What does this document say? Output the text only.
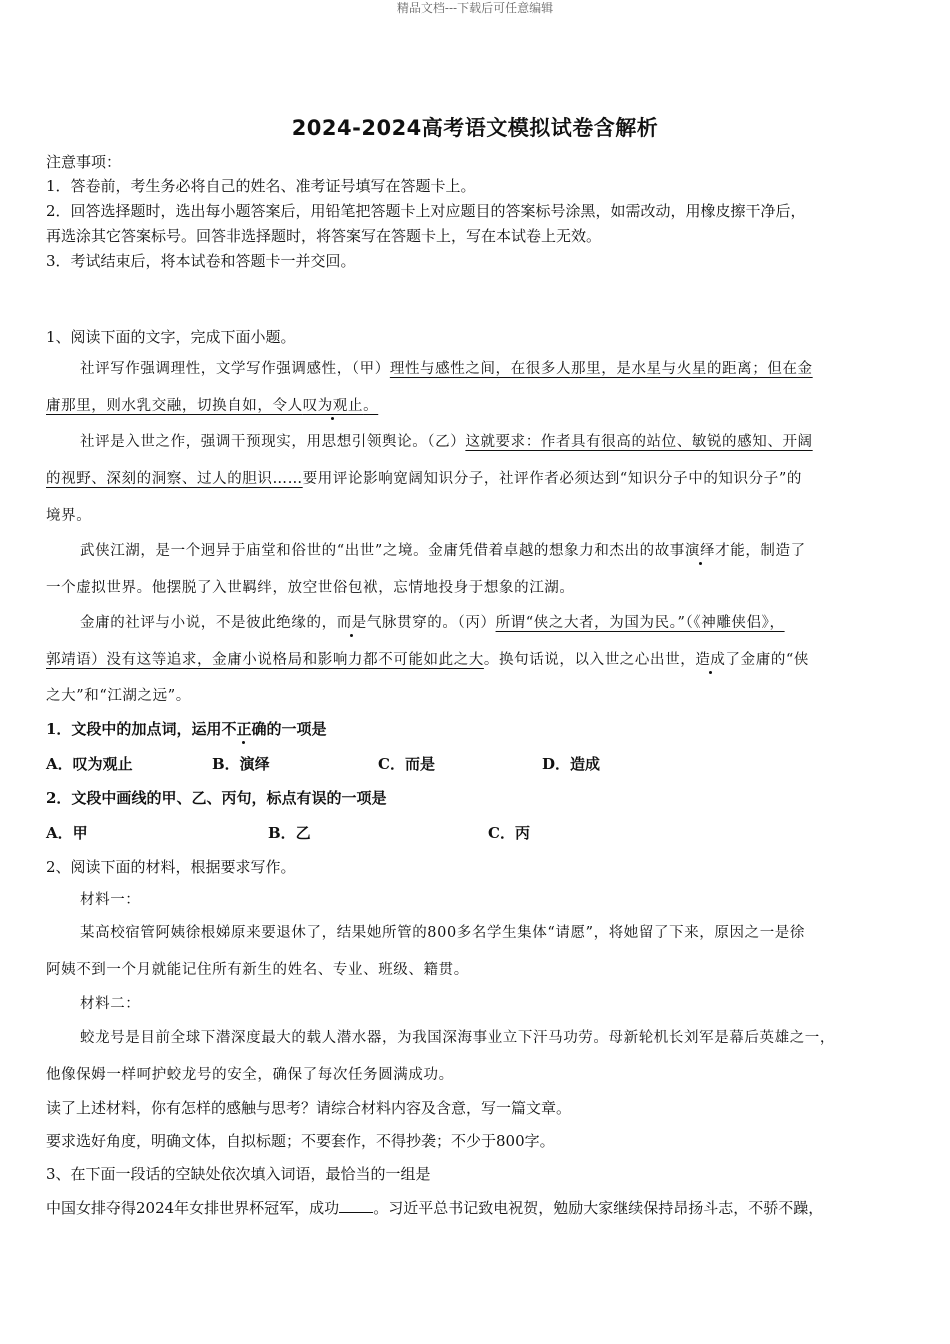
精品文档---下载后可任意编辑
2024-2024高考语文模拟试卷含解析
注意事项：
1．答卷前，考生务必将自己的姓名、准考证号填写在答题卡上。
2．回答选择题时，选出每小题答案后，用铅笔把答题卡上对应题目的答案标号涂黑，如需改动，用橡皮擦干净后，
再选涂其它答案标号。回答非选择题时，将答案写在答题卡上，写在本试卷上无效。
3．考试结束后，将本试卷和答题卡一并交回。
1、阅读下面的文字，完成下面小题。
社评写作强调理性，文学写作强调感性，（甲）理性与感性之间，在很多人那里，是水星与火星的距离；但在金
庸那里，则水乳交融，切换自如，令人叹为观止。
社评是入世之作，强调干预现实，用思想引领舆论。（乙）这就要求：作者具有很高的站位、敏锐的感知、开阔
的视野、深刻的洞察、过人的胆识……要用评论影响宽阔知识分子，社评作者必须达到“知识分子中的知识分子”的
境界。
武侠江湖，是一个迥异于庙堂和俗世的“出世”之境。金庸凭借着卓越的想象力和杰出的故事演绎才能，制造了
一个虚拟世界。他摆脱了入世羁绊，放空世俗包袱，忘情地投身于想象的江湖。
金庸的社评与小说，不是彼此绝缘的，而是气脉贯穿的。（丙）所谓“侠之大者，为国为民。”（《神雕侠侣》，
郭靖语）没有这等追求，金庸小说格局和影响力都不可能如此之大。换句话说，以入世之心出世，造成了金庸的“侠
之大”和“江湖之远”。
1．文段中的加点词，运用不正确的一项是
A．叹为观止	B．演绎	C．而是	D．造成
2．文段中画线的甲、乙、丙句，标点有误的一项是
A．甲	B．乙	C．丙
2、阅读下面的材料，根据要求写作。
材料一：
某高校宿管阿姨徐根娣原来要退休了，结果她所管的800多名学生集体“请愿”，将她留了下来，原因之一是徐
阿姨不到一个月就能记住所有新生的姓名、专业、班级、籍贯。
材料二：
蛟龙号是目前全球下潜深度最大的载人潜水器，为我国深海事业立下汗马功劳。母新轮机长刘军是幕后英雄之一，
他像保姆一样呵护蛟龙号的安全，确保了每次任务圆满成功。
读了上述材料，你有怎样的感触与思考？请综合材料内容及含意，写一篇文章。
要求选好角度，明确文体，自拟标题；不要套作，不得抄袭；不少于800字。
3、在下面一段话的空缺处依次填入词语，最恰当的一组是
中国女排夺得2024年女排世界杯冠军，成功 。习近平总书记致电祝贺，勉励大家继续保持昂扬斗志，不骄不躁，
